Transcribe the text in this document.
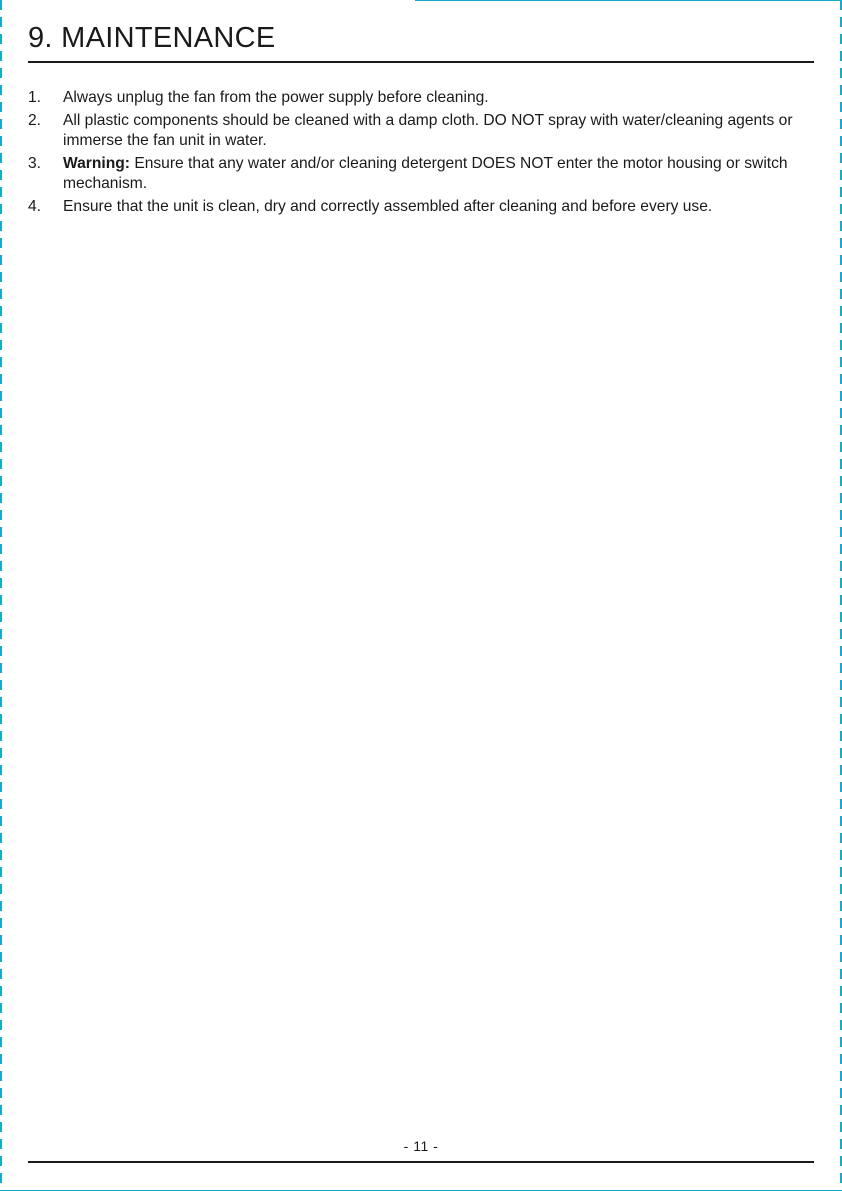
9. MAINTENANCE
1.	Always unplug the fan from the power supply before cleaning.
2.	All plastic components should be cleaned with a damp cloth. DO NOT spray with water/cleaning agents or immerse the fan unit in water.
3.	Warning: Ensure that any water and/or cleaning detergent DOES NOT enter the motor housing or switch mechanism.
4.	Ensure that the unit is clean, dry and correctly assembled after cleaning and before every use.
- 11 -
